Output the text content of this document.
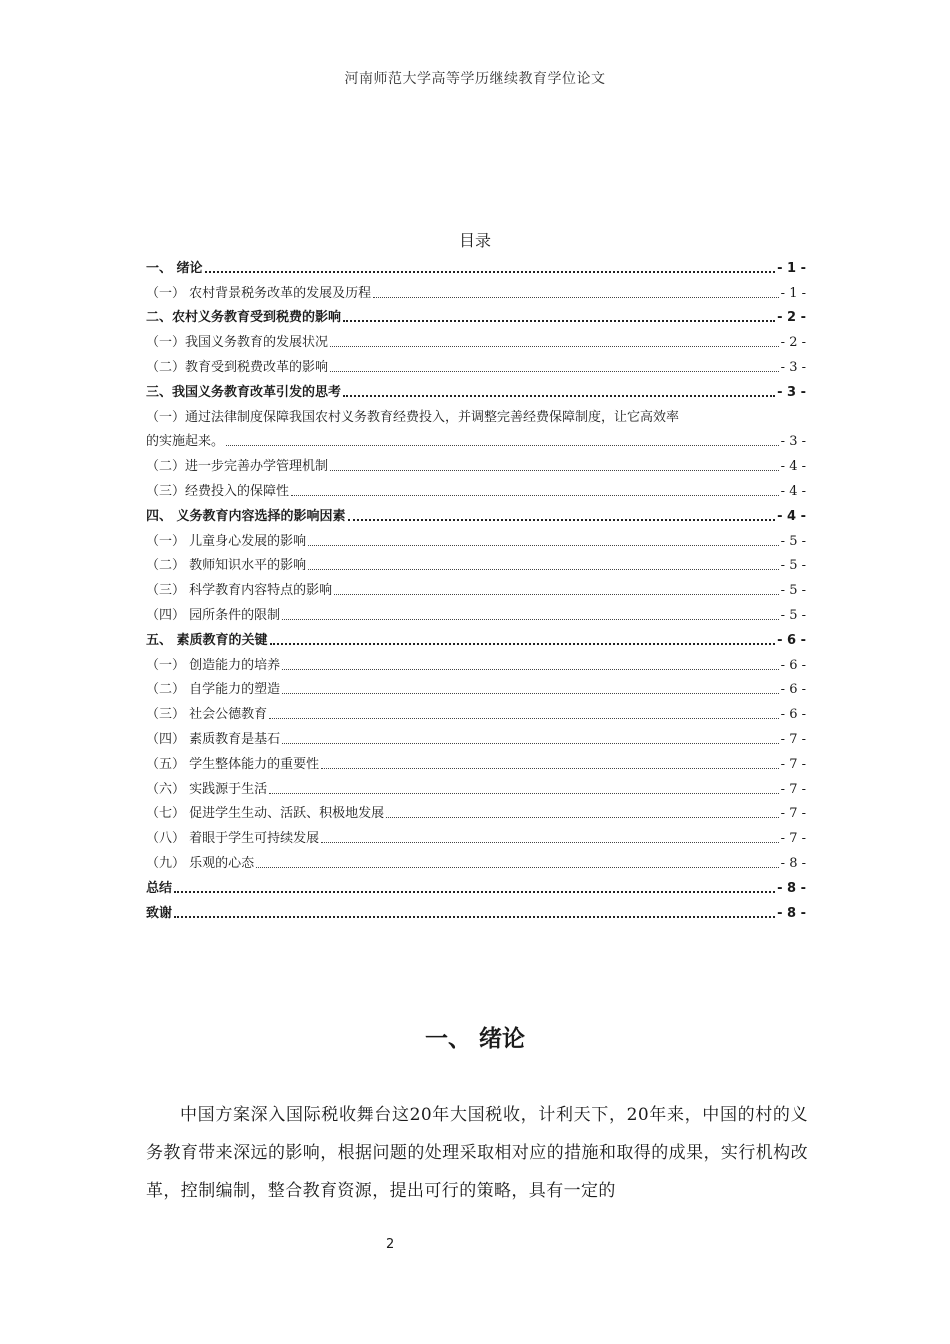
河南师范大学高等学历继续教育学位论文
目录
一、 绪论	- 1 -
（一） 农村背景税务改革的发展及历程	- 1 -
二、农村义务教育受到税费的影响	- 2 -
（一）我国义务教育的发展状况	- 2 -
（二）教育受到税费改革的影响	- 3 -
三、我国义务教育改革引发的思考	- 3 -
（一）通过法律制度保障我国农村义务教育经费投入，并调整完善经费保障制度，让它高效率
的实施起来。	- 3 -
（二）进一步完善办学管理机制	- 4 -
（三）经费投入的保障性	- 4 -
四、 义务教育内容选择的影响因素	- 4 -
（一） 儿童身心发展的影响	- 5 -
（二） 教师知识水平的影响	- 5 -
（三） 科学教育内容特点的影响	- 5 -
（四） 园所条件的限制	- 5 -
五、 素质教育的关键	- 6 -
（一） 创造能力的培养	- 6 -
（二） 自学能力的塑造	- 6 -
（三） 社会公德教育	- 6 -
（四） 素质教育是基石	- 7 -
（五） 学生整体能力的重要性	- 7 -
（六） 实践源于生活	- 7 -
（七） 促进学生生动、活跃、积极地发展	- 7 -
（八） 着眼于学生可持续发展	- 7 -
（九） 乐观的心态	- 8 -
总结	- 8 -
致谢	- 8 -
一、 绪论
中国方案深入国际税收舞台这20年大国税收，计利天下，20年来，中国的村的义务教育带来深远的影响，根据问题的处理采取相对应的措施和取得的成果，实行机构改革，控制编制，整合教育资源，提出可行的策略，具有一定的
2
